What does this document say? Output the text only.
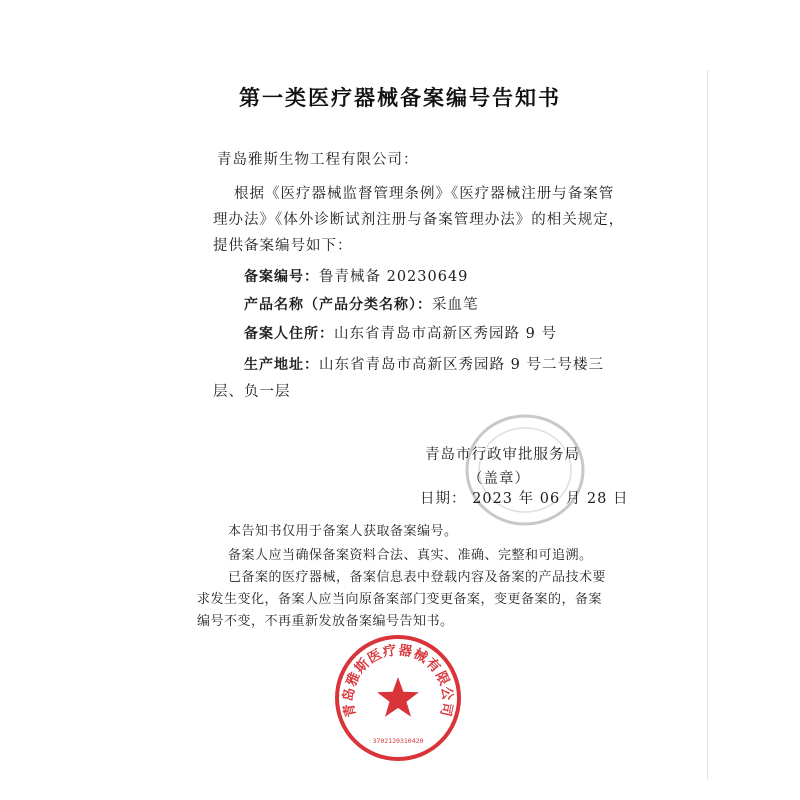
第一类医疗器械备案编号告知书
青岛雅斯生物工程有限公司：
根据《医疗器械监督管理条例》《医疗器械注册与备案管
理办法》《体外诊断试剂注册与备案管理办法》的相关规定，
提供备案编号如下：
备案编号：鲁青械备 20230649
产品名称（产品分类名称）：采血笔
备案人住所：山东省青岛市高新区秀园路 9 号
生产地址：山东省青岛市高新区秀园路 9 号二号楼三
层、负一层
青岛市行政审批服务局
（盖章）
日期： 2023 年 06 月 28 日
本告知书仅用于备案人获取备案编号。
备案人应当确保备案资料合法、真实、准确、完整和可追溯。
已备案的医疗器械，备案信息表中登载内容及备案的产品技术要
求发生变化，备案人应当向原备案部门变更备案，变更备案的，备案
编号不变，不再重新发放备案编号告知书。
青岛雅斯医疗器械有限公司
3702120310420
